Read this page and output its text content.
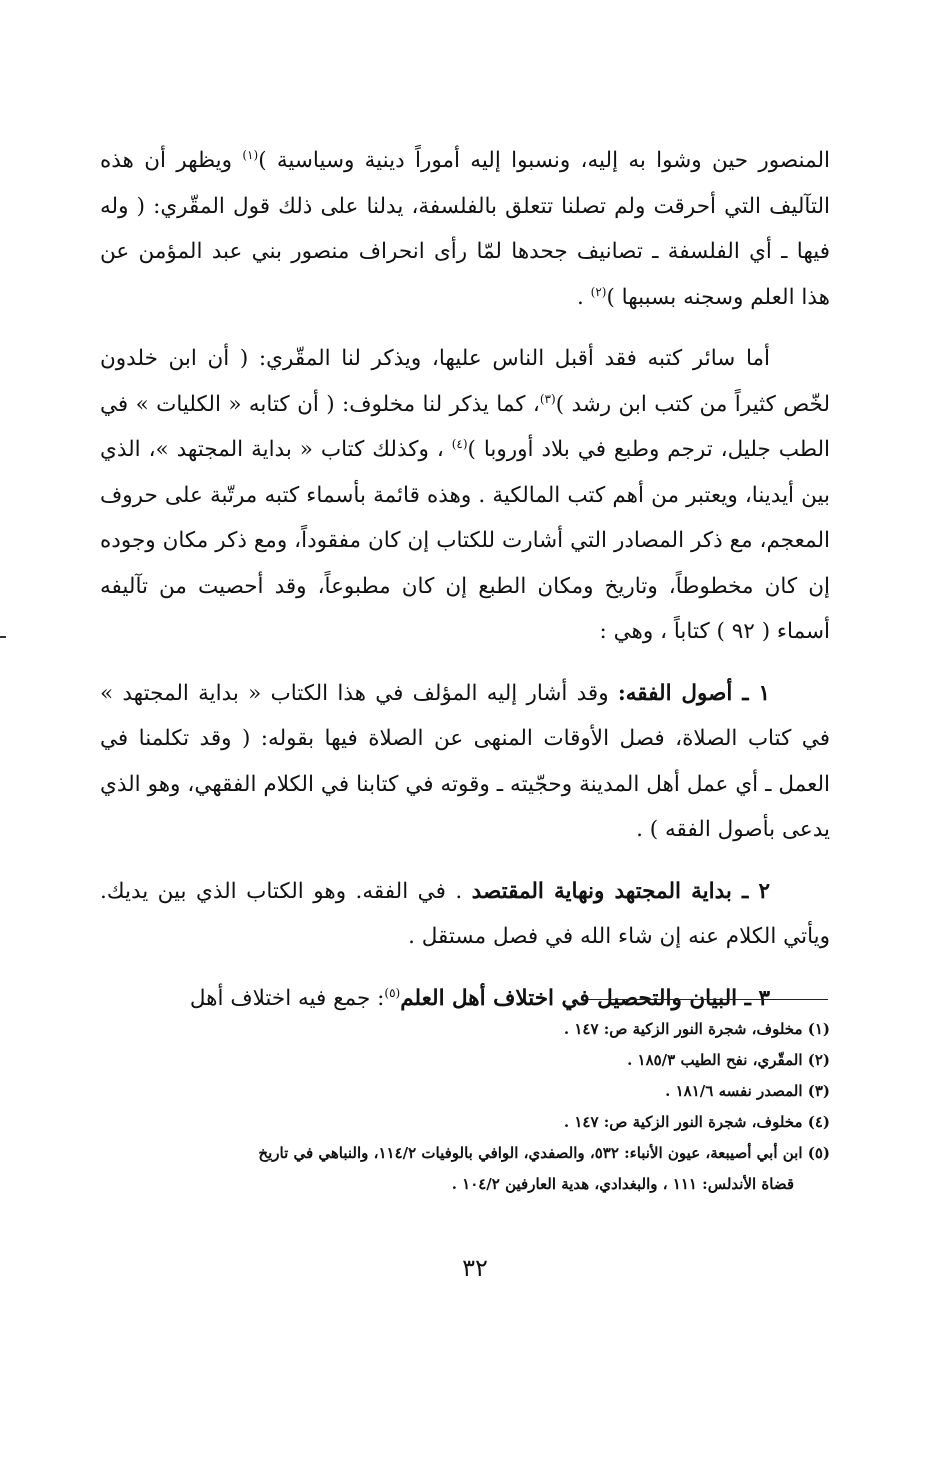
المنصور حين وشوا به إليه، ونسبوا إليه أموراً دينية وسياسية )$^{(١)}$ ويظهر أن هذه التآليف التي أحرقت ولم تصلنا تتعلق بالفلسفة، يدلنا على ذلك قول المقّري: ( وله فيها ـ أي الفلسفة ـ تصانيف جحدها لمّا رأى انحراف منصور بني عبد المؤمن عن هذا العلم وسجنه بسببها )$^{(٢)}$ .

أما سائر كتبه فقد أقبل الناس عليها، ويذكر لنا المقّري: ( أن ابن خلدون لخّص كثيراً من كتب ابن رشد )$^{(٣)}$، كما يذكر لنا مخلوف: ( أن كتابه « الكليات » في الطب جليل، ترجم وطبع في بلاد أوروبا )$^{(٤)}$ ، وكذلك كتاب « بداية المجتهد »، الذي بين أيدينا، ويعتبر من أهم كتب المالكية . وهذه قائمة بأسماء كتبه مرتّبة على حروف المعجم، مع ذكر المصادر التي أشارت للكتاب إن كان مفقوداً، ومع ذكر مكان وجوده إن كان مخطوطاً، وتاريخ ومكان الطبع إن كان مطبوعاً، وقد أحصيت من تآليفه أسماء ( ٩٢ ) كتاباً ، وهي :

١ ـ أصول الفقه: وقد أشار إليه المؤلف في هذا الكتاب « بداية المجتهد » في كتاب الصلاة، فصل الأوقات المنهى عن الصلاة فيها بقوله: ( وقد تكلمنا في العمل ـ أي عمل أهل المدينة وحجّيته ـ وقوته في كتابنا في الكلام الفقهي، وهو الذي يدعى بأصول الفقه ) .

٢ ـ بداية المجتهد ونهاية المقتصد . في الفقه. وهو الكتاب الذي بين يديك. ويأتي الكلام عنه إن شاء الله في فصل مستقل .

٣ ـ البيان والتحصيل في اختلاف أهل العلم$^{(٥)}$: جمع فيه اختلاف أهل

(١) مخلوف، شجرة النور الزكية ص: ١٤٧ .

(٢) المقّري، نفح الطيب ١٨٥/٣ .

(٣) المصدر نفسه ١٨١/٦ .

(٤) مخلوف، شجرة النور الزكية ص: ١٤٧ .

(٥) ابن أبي أصيبعة، عيون الأنباء: ٥٣٢، والصفدي، الوافي بالوفيات ١١٤/٢، والنباهي في تاريخ

قضاة الأندلس: ١١١ ، والبغدادي، هدية العارفين ١٠٤/٢ .

٣٢
